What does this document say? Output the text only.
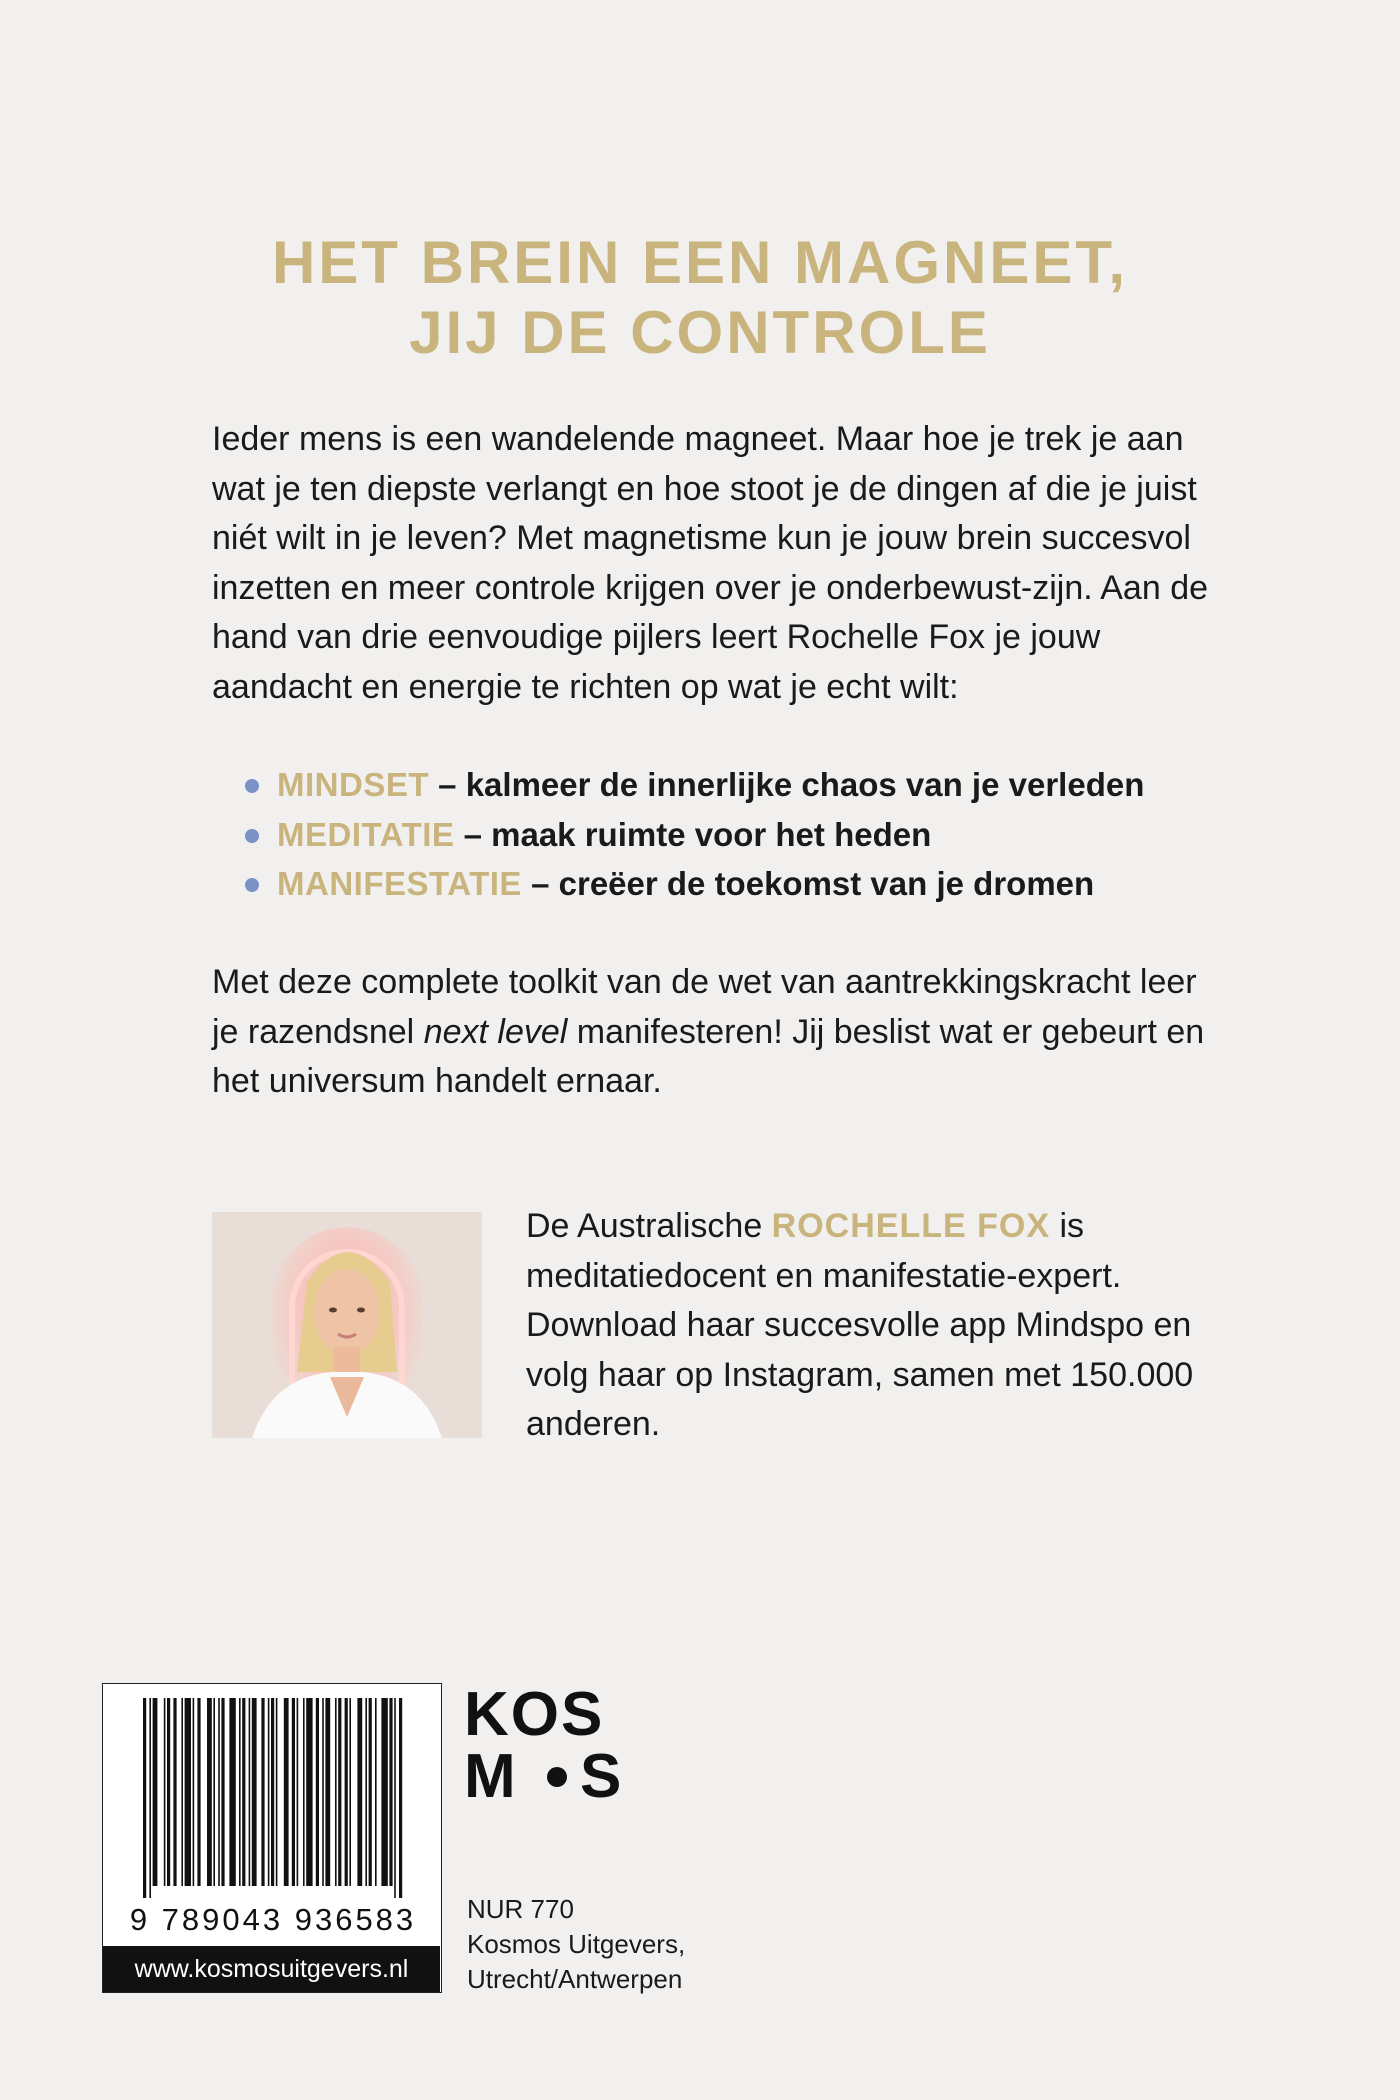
HET BREIN EEN MAGNEET,
JIJ DE CONTROLE

Ieder mens is een wandelende magneet. Maar hoe je trek je aan wat je ten diepste verlangt en hoe stoot je de dingen af die je juist niét wilt in je leven? Met magnetisme kun je jouw brein succesvol inzetten en meer controle krijgen over je onderbewust-zijn. Aan de hand van drie eenvoudige pijlers leert Rochelle Fox je jouw aandacht en energie te richten op wat je echt wilt:

MINDSET – kalmeer de innerlijke chaos van je verleden
MEDITATIE – maak ruimte voor het heden
MANIFESTATIE – creëer de toekomst van je dromen

Met deze complete toolkit van de wet van aantrekkingskracht leer je razendsnel next level manifesteren! Jij beslist wat er gebeurt en het universum handelt ernaar.

De Australische ROCHELLE FOX is meditatiedocent en manifestatie-expert. Download haar succesvolle app Mindspo en volg haar op Instagram, samen met 150.000 anderen.

9 789043 936583
www.kosmosuitgevers.nl
KOS
M S
NUR 770
Kosmos Uitgevers,
Utrecht/Antwerpen
